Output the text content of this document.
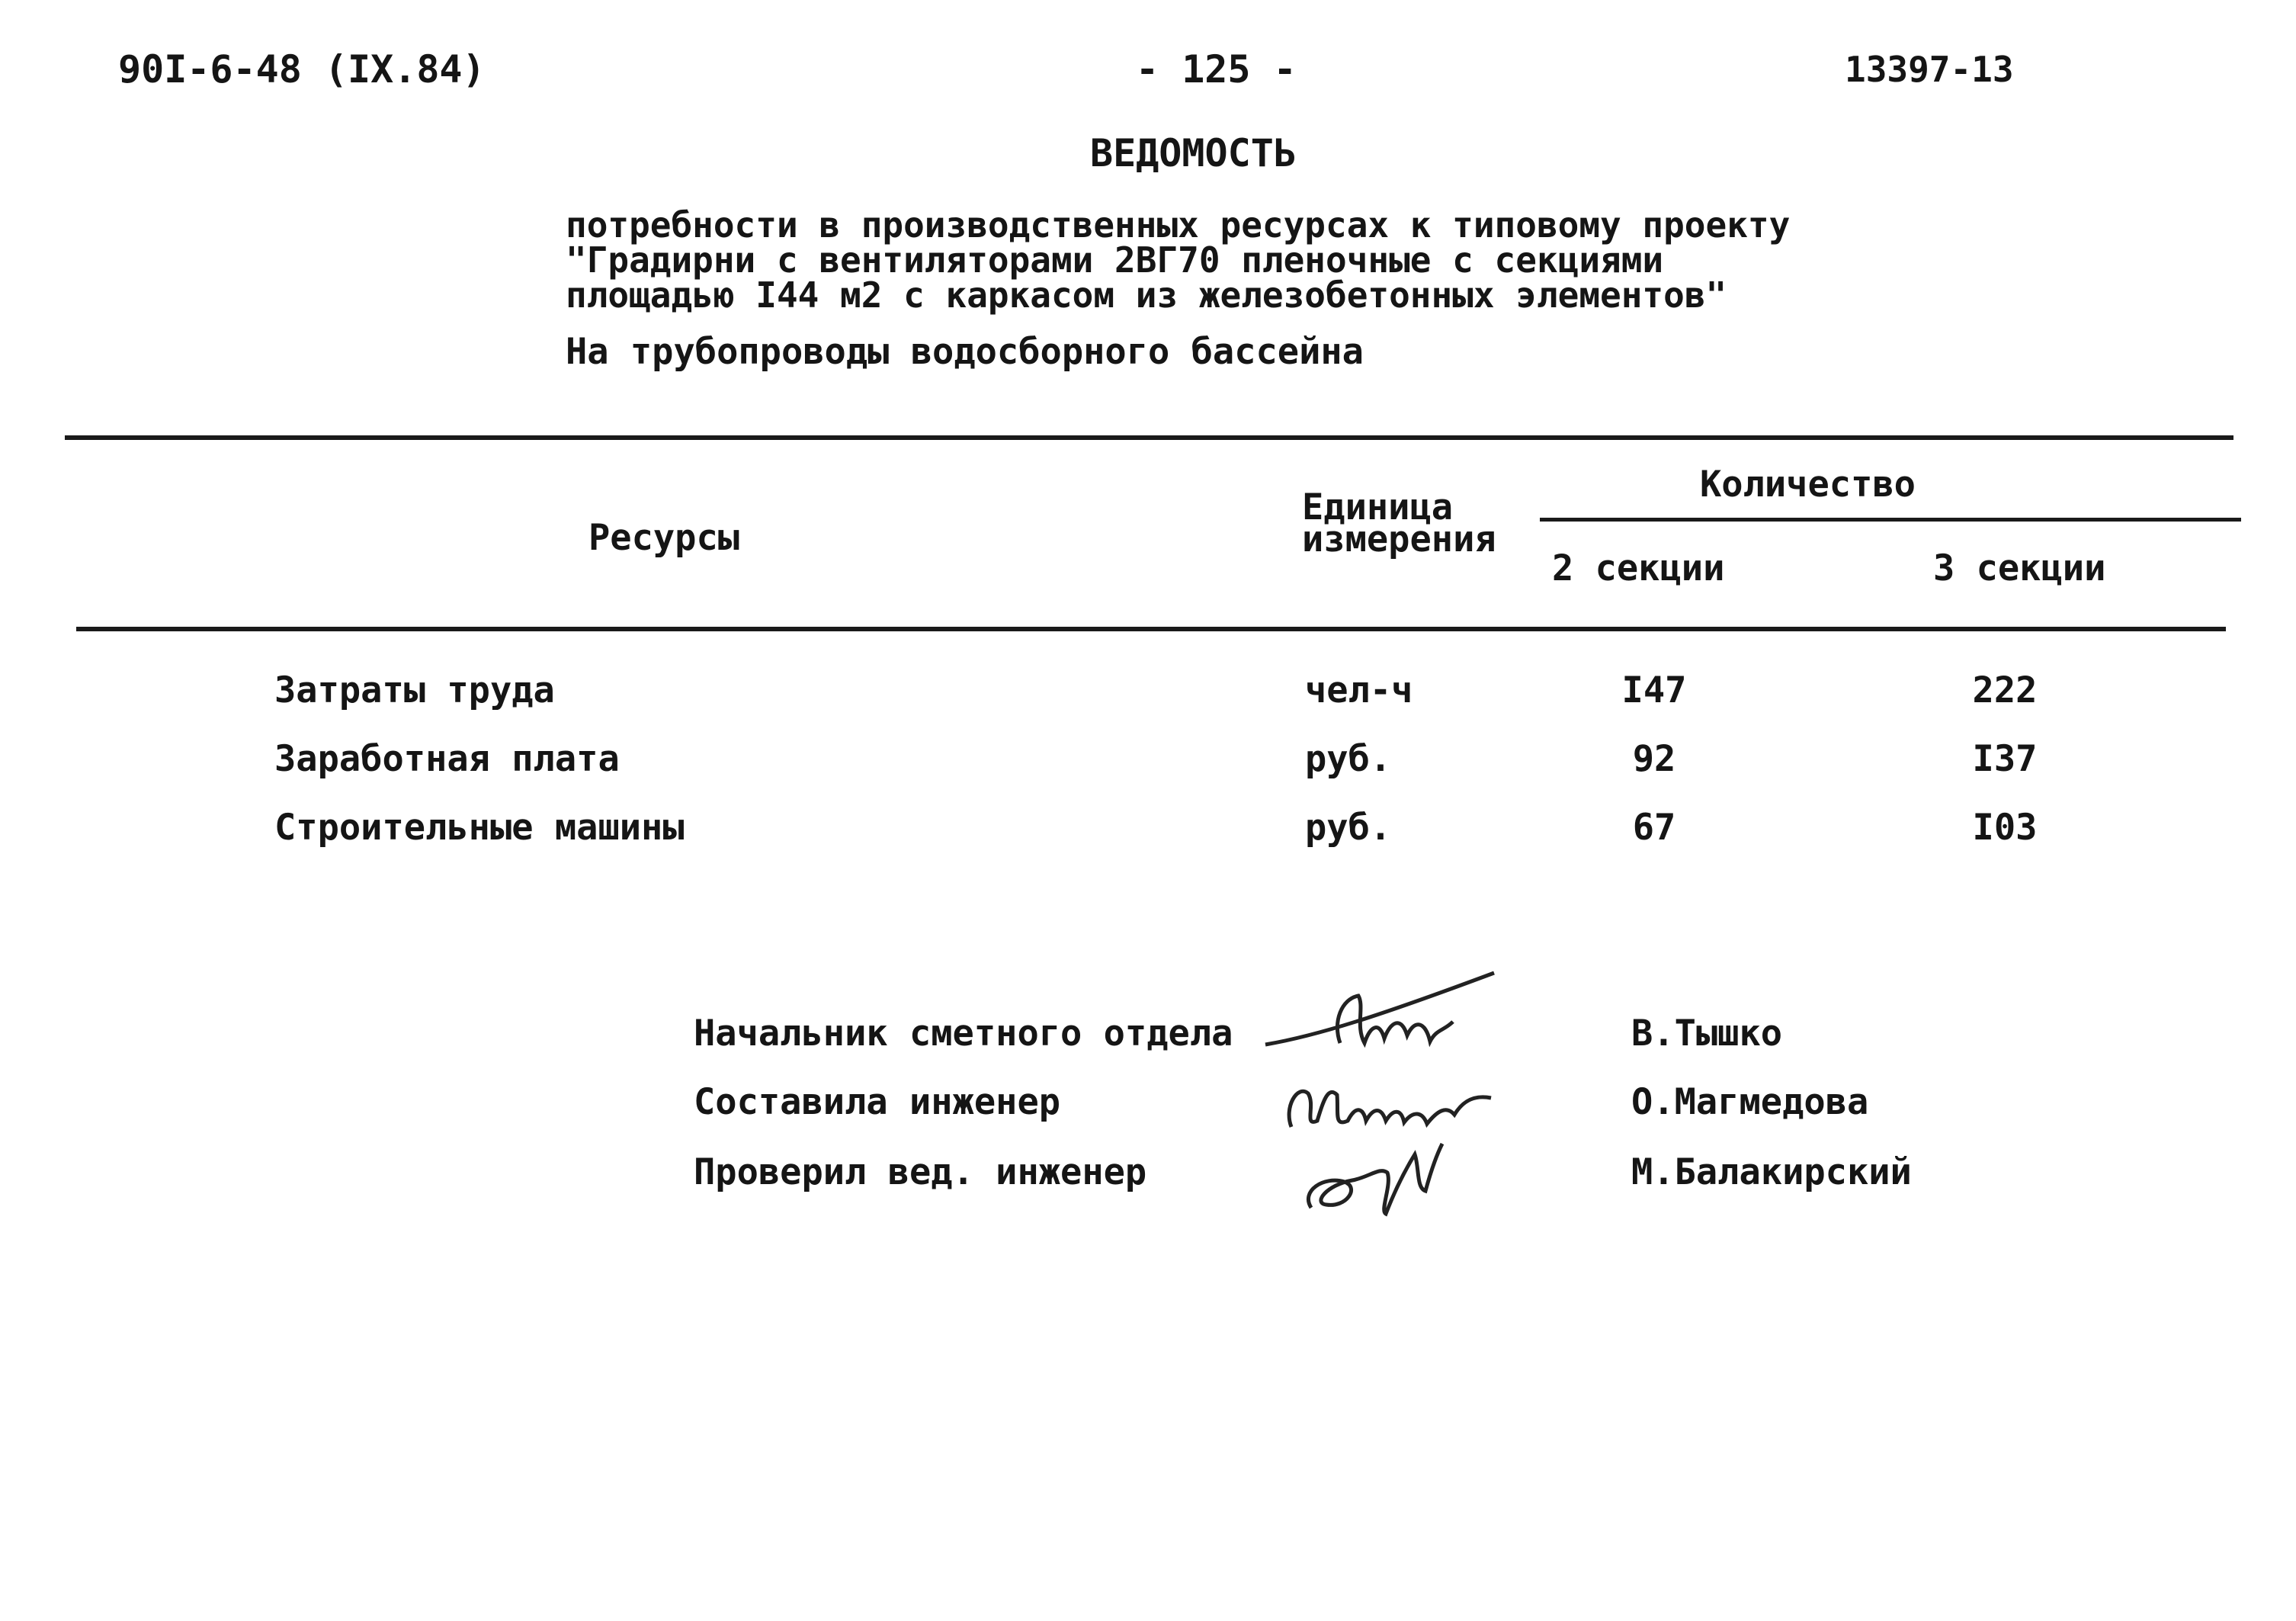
90I-6-48 (IX.84)	- 125 -	13397-13
ВЕДОМОСТЬ
потребности в производственных ресурсах к типовому проекту
"Градирни с вентиляторами 2ВГ70 пленочные с секциями
площадью I44 м2 с каркасом из железобетонных элементов"
На трубопроводы водосборного бассейна
Ресурсы
Единица
измерения
Количество
2 секции	3 секции
Затраты труда	чел-ч	I47	222
Заработная плата	руб.	92	I37
Строительные машины	руб.	67	I03
Начальник сметного отдела	В.Тышко
Составила инженер	О.Магмедова
Проверил вед. инженер	М.Балакирский
